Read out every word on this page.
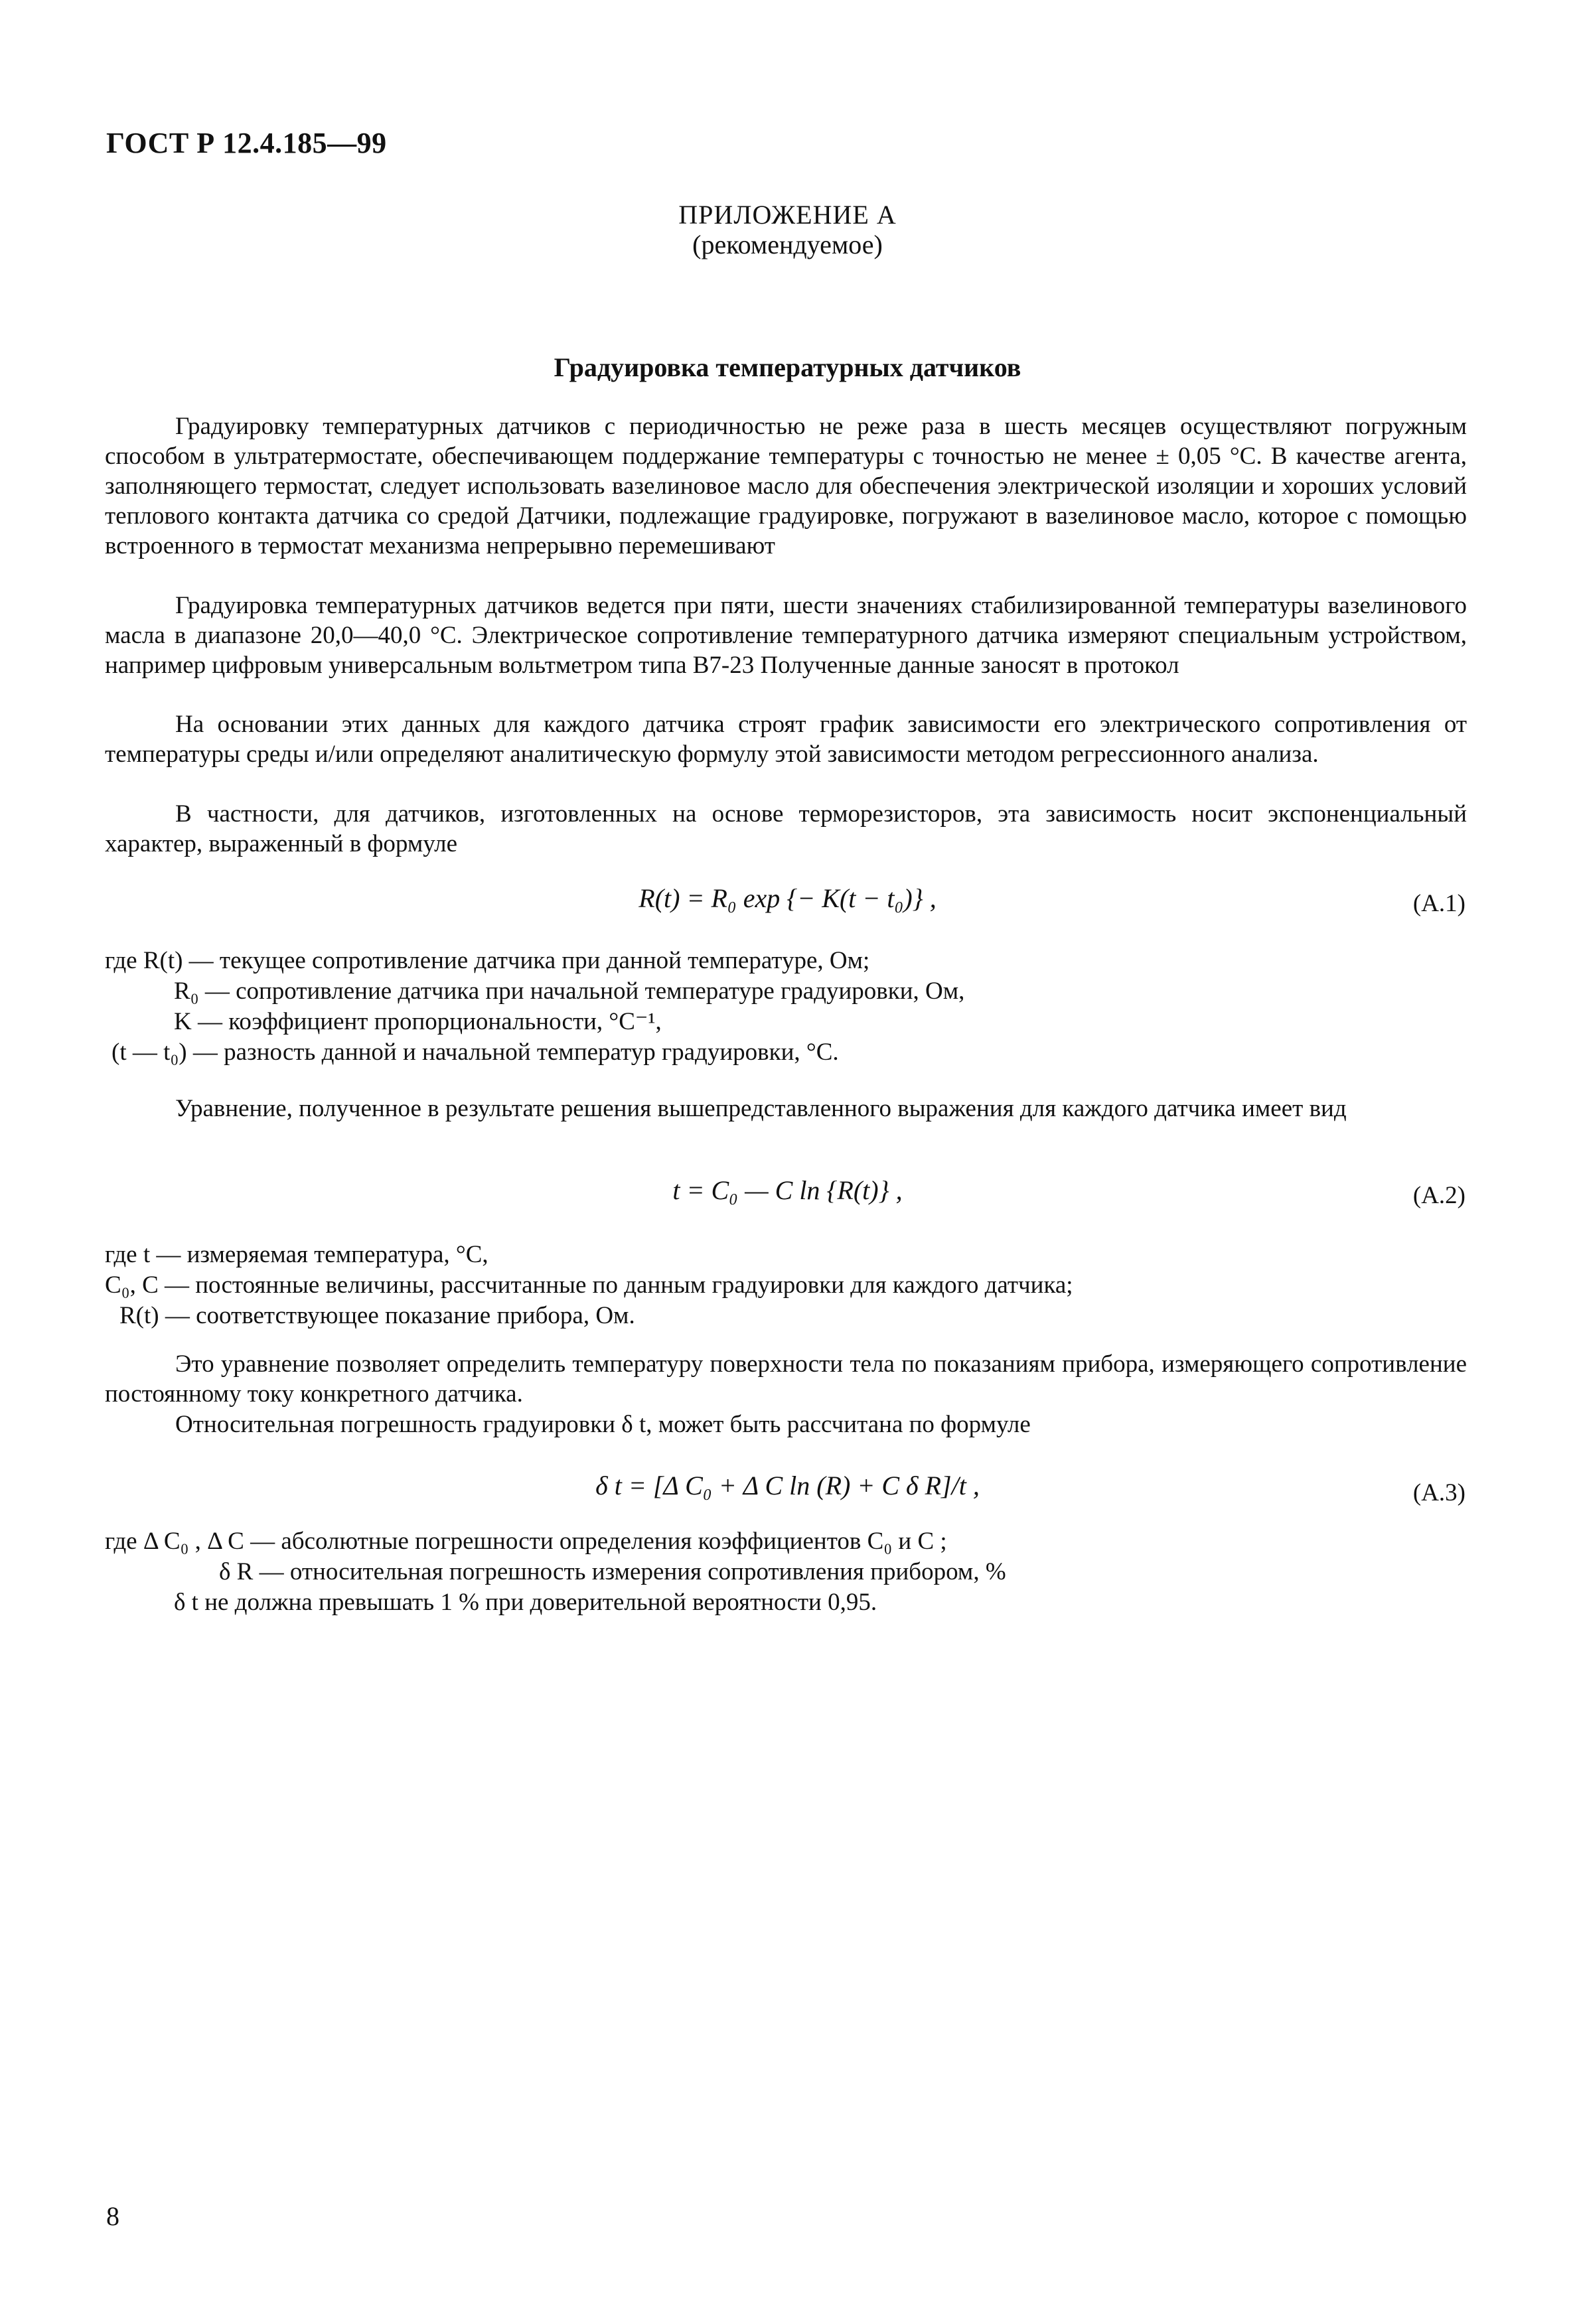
ГОСТ Р 12.4.185—99
ПРИЛОЖЕНИЕ А
(рекомендуемое)
Градуировка температурных датчиков

Градуировку температурных датчиков с периодичностью не реже раза в шесть месяцев осуществляют погружным способом в ультратермостате, обеспечивающем поддержание температуры с точностью не менее ± 0,05 °С. В качестве агента, заполняющего термостат, следует использовать вазелиновое масло для обеспечения электрической изоляции и хороших условий теплового контакта датчика со средой Датчики, подлежащие градуировке, погружают в вазелиновое масло, которое с помощью встроенного в термостат механизма непрерывно перемешивают

Градуировка температурных датчиков ведется при пяти, шести значениях стабилизированной температуры вазелинового масла в диапазоне 20,0—40,0 °С. Электрическое сопротивление температурного датчика измеряют специальным устройством, например цифровым универсальным вольтметром типа В7-23 Полученные данные заносят в протокол

На основании этих данных для каждого датчика строят график зависимости его электрического сопротивления от температуры среды и/или определяют аналитическую формулу этой зависимости методом регрессионного анализа.

В частности, для датчиков, изготовленных на основе терморезисторов, эта зависимость носит экспоненциальный характер, выраженный в формуле

R(t) = R₀ exp {− K(t − t₀)} ,	(А.1)
где R(t) — текущее сопротивление датчика при данной температуре, Ом;
R₀ — сопротивление датчика при начальной температуре градуировки, Ом,
K — коэффициент пропорциональности, °С⁻¹,
(t — t₀) — разность данной и начальной температур градуировки, °С.

Уравнение, полученное в результате решения вышепредставленного выражения для каждого датчика имеет вид

t = C₀ — C ln {R(t)} ,	(А.2)
где t — измеряемая температура, °С,
C₀, C — постоянные величины, рассчитанные по данным градуировки для каждого датчика;
R(t) — соответствующее показание прибора, Ом.

Это уравнение позволяет определить температуру поверхности тела по показаниям прибора, измеряющего сопротивление постоянному току конкретного датчика.

Относительная погрешность градуировки δ t, может быть рассчитана по формуле

δ t = [Δ C₀ + Δ C ln (R) + C δ R]/t ,	(А.3)
где Δ C₀ , Δ C — абсолютные погрешности определения коэффициентов C₀ и C ;
δ R — относительная погрешность измерения сопротивления прибором, %
δ t не должна превышать 1 % при доверительной вероятности 0,95.
8
